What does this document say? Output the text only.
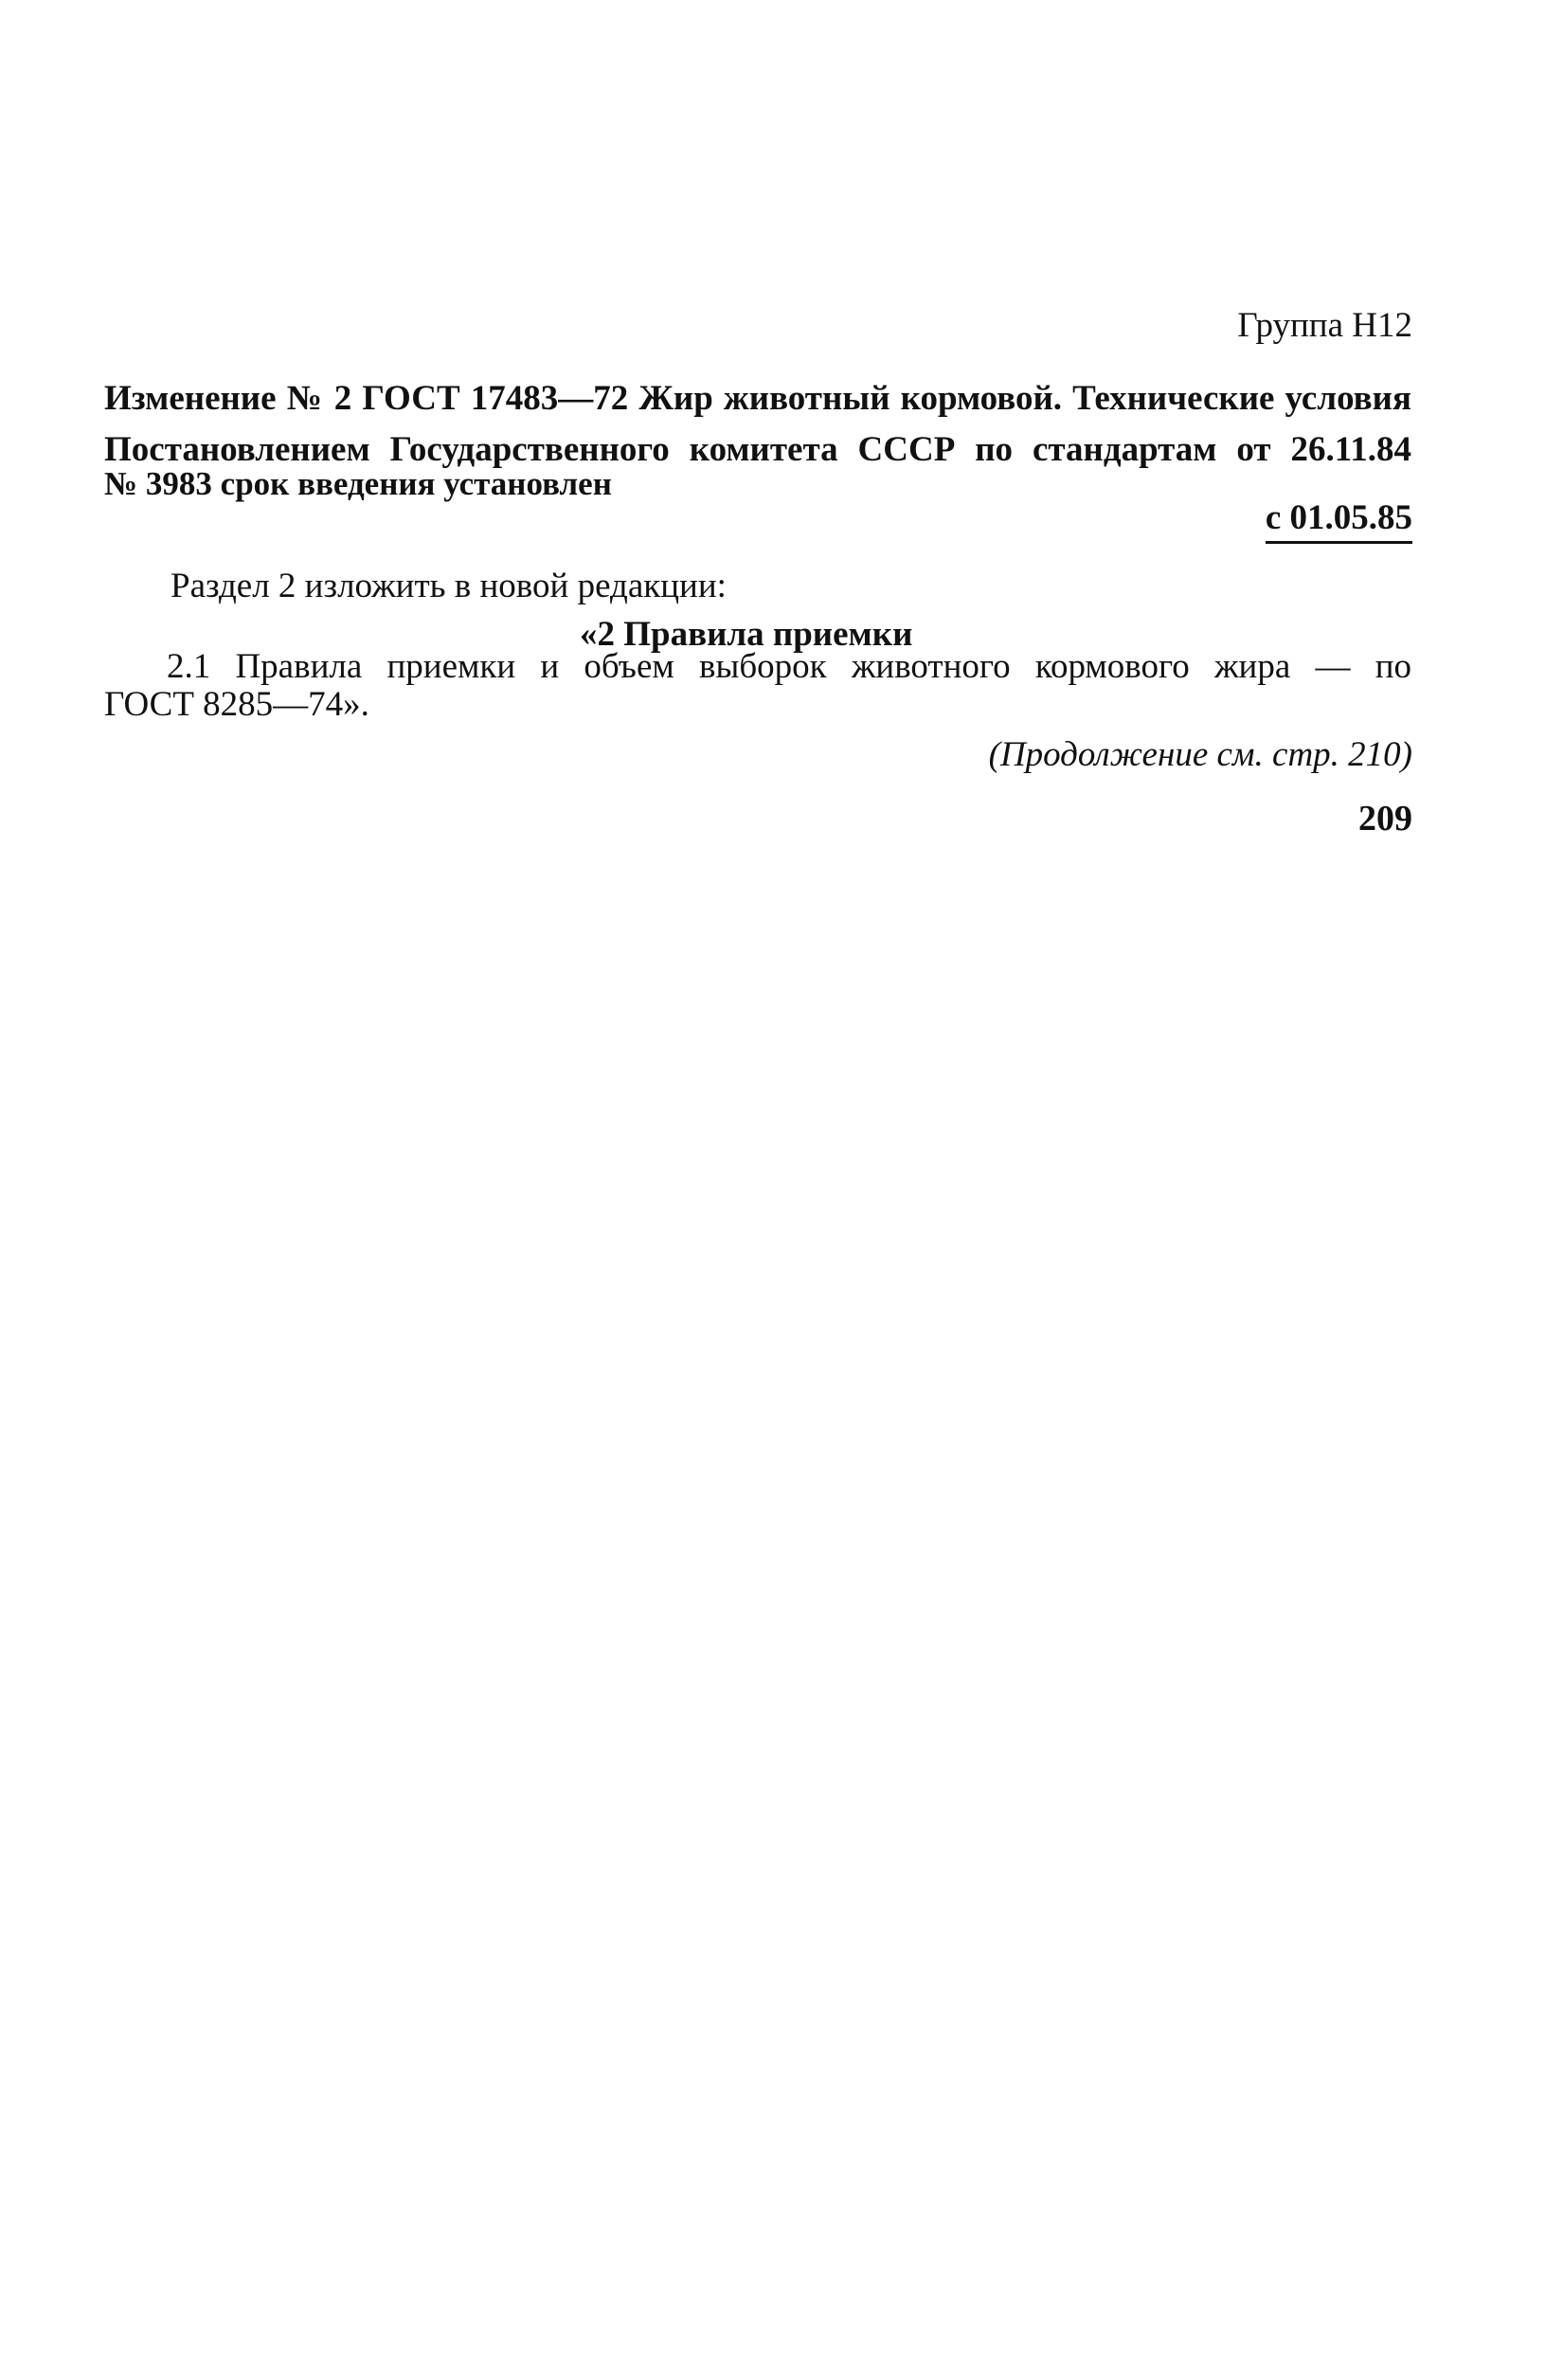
Группа Н12
Изменение № 2 ГОСТ 17483—72 Жир животный кормовой. Технические условия
Постановлением Государственного комитета СССР по стандартам от 26.11.84
№ 3983 срок введения установлен
с 01.05.85
Раздел 2 изложить в новой редакции:
«2 Правила приемки
2.1 Правила приемки и объем выборок животного кормового жира — по
ГОСТ 8285—74».
(Продолжение см. стр. 210)
209
